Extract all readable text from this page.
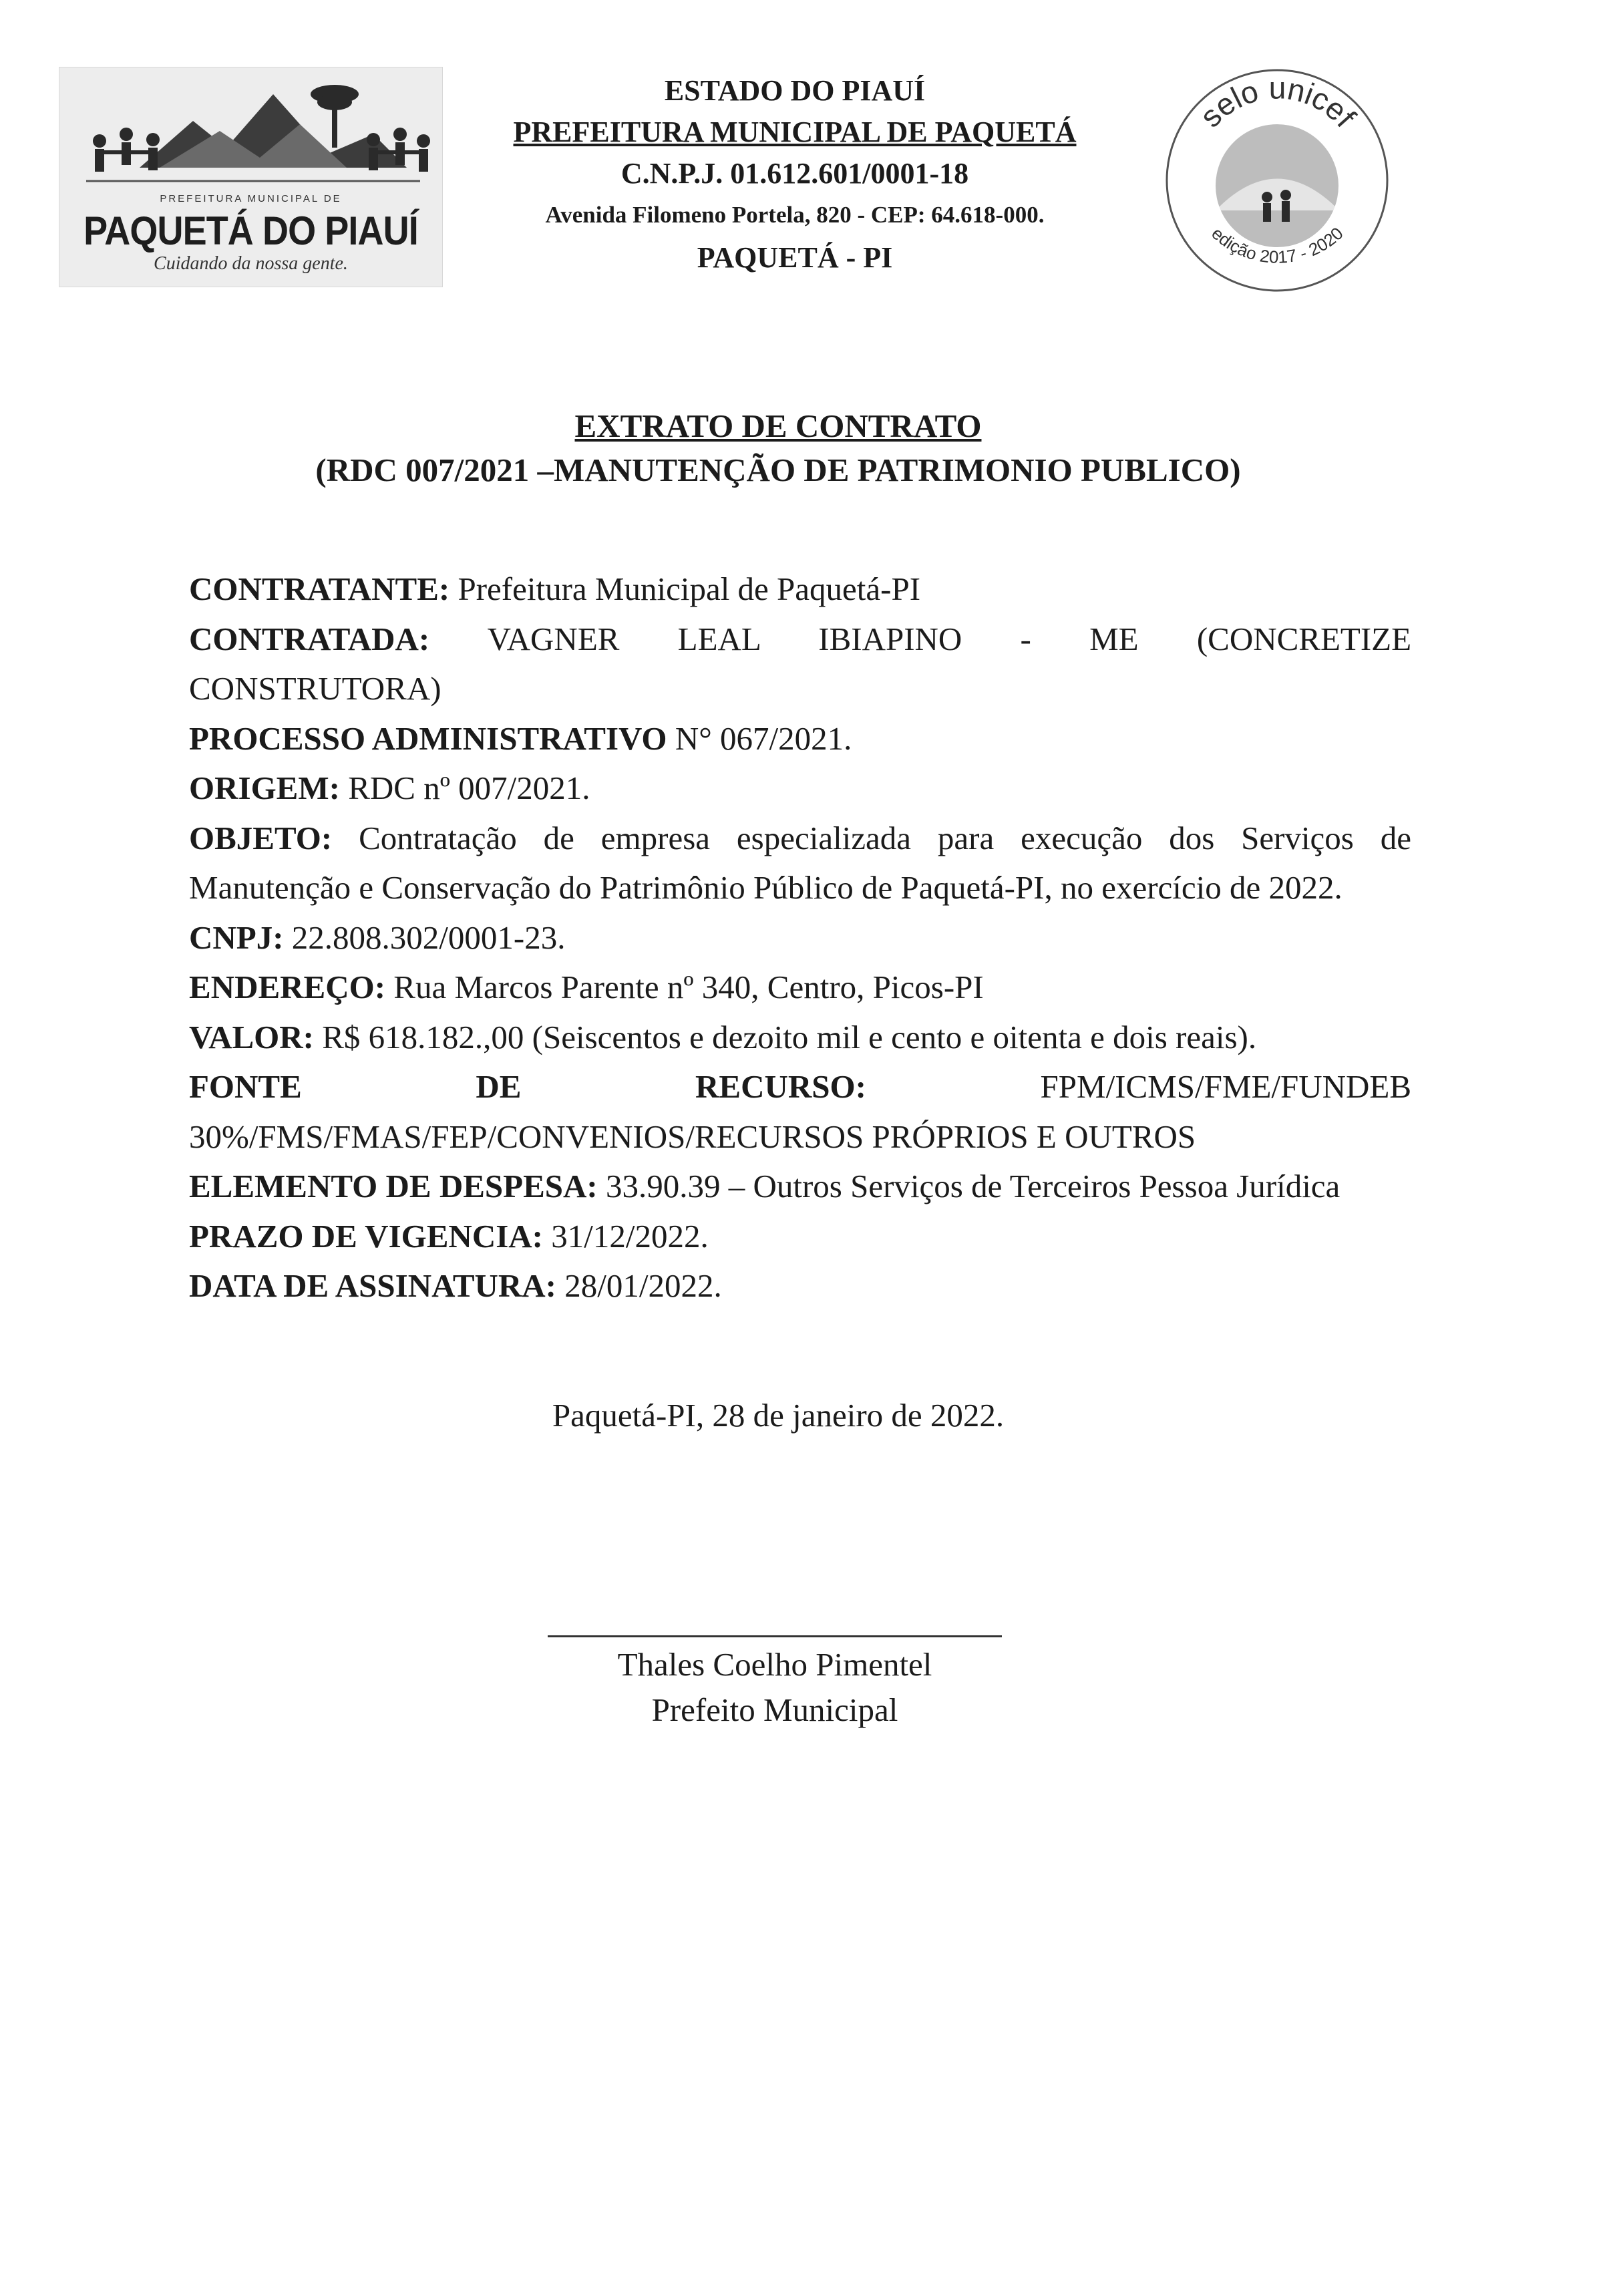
PREFEITURA MUNICIPAL DE
PAQUETÁ DO PIAUÍ
Cuidando da nossa gente.
ESTADO DO PIAUÍ
PREFEITURA MUNICIPAL DE PAQUETÁ
C.N.P.J. 01.612.601/0001-18
Avenida Filomeno Portela, 820 - CEP: 64.618-000.
PAQUETÁ - PI
selo unicef
edição 2017 - 2020
EXTRATO DE CONTRATO
(RDC 007/2021 –MANUTENÇÃO DE PATRIMONIO PUBLICO)

CONTRATANTE: Prefeitura Municipal de Paquetá-PI

CONTRATADA: VAGNER LEAL IBIAPINO - ME (CONCRETIZE

CONSTRUTORA)

PROCESSO ADMINISTRATIVO N° 067/2021.

ORIGEM: RDC nº 007/2021.

OBJETO: Contratação de empresa especializada para execução dos Serviços de Manutenção e Conservação do Patrimônio Público de Paquetá-PI, no exercício de 2022.

CNPJ: 22.808.302/0001-23.

ENDEREÇO: Rua Marcos Parente nº 340, Centro, Picos-PI

VALOR: R$ 618.182.,00 (Seiscentos e dezoito mil e cento e oitenta e dois reais).

FONTE DE RECURSO:	FPM/ICMS/FME/FUNDEB

30%/FMS/FMAS/FEP/CONVENIOS/RECURSOS PRÓPRIOS E OUTROS

ELEMENTO DE DESPESA: 33.90.39 – Outros Serviços de Terceiros Pessoa Jurídica

PRAZO DE VIGENCIA: 31/12/2022.

DATA DE ASSINATURA: 28/01/2022.

Paquetá-PI, 28 de janeiro de 2022.
Thales Coelho Pimentel
Prefeito Municipal
